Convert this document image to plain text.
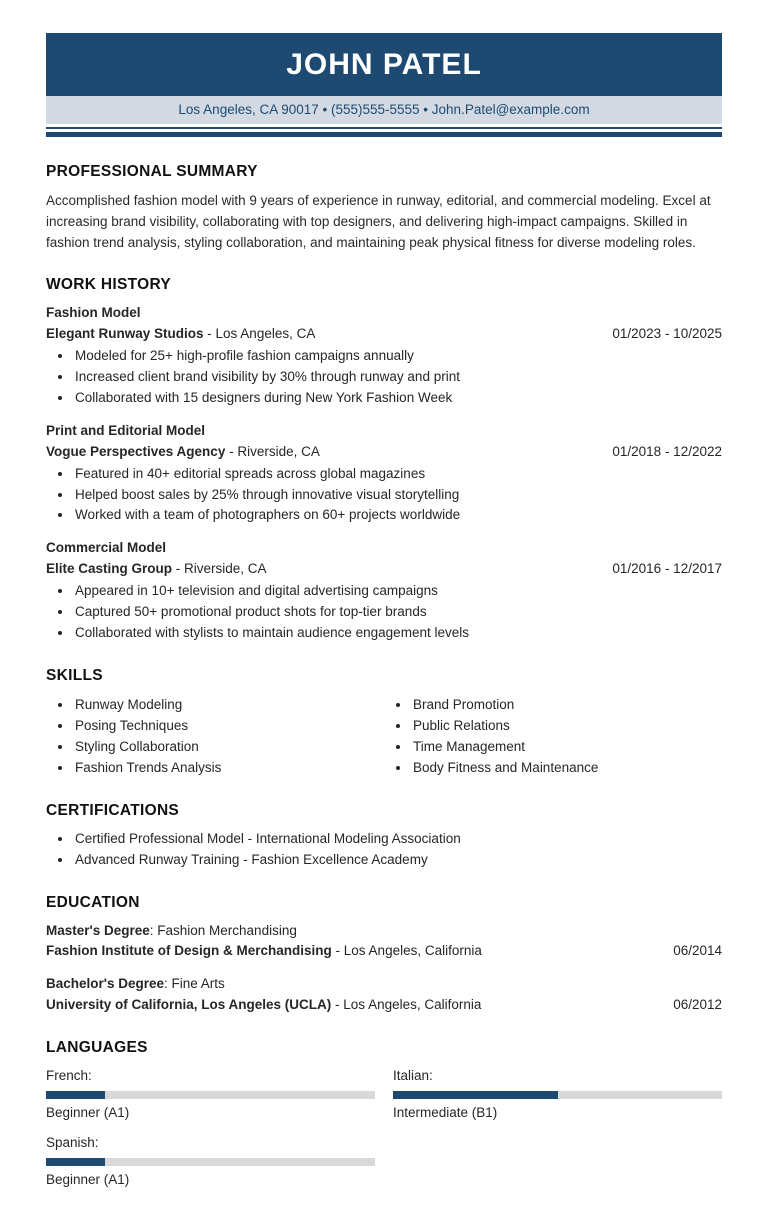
JOHN PATEL
Los Angeles, CA 90017 • (555)555-5555 • John.Patel@example.com
PROFESSIONAL SUMMARY

Accomplished fashion model with 9 years of experience in runway, editorial, and commercial modeling. Excel at increasing brand visibility, collaborating with top designers, and delivering high-impact campaigns. Skilled in fashion trend analysis, styling collaboration, and maintaining peak physical fitness for diverse modeling roles.

WORK HISTORY
Fashion Model
Elegant Runway Studios - Los Angeles, CA	01/2023 - 10/2025
• Modeled for 25+ high-profile fashion campaigns annually
• Increased client brand visibility by 30% through runway and print
• Collaborated with 15 designers during New York Fashion Week
Print and Editorial Model
Vogue Perspectives Agency - Riverside, CA	01/2018 - 12/2022
• Featured in 40+ editorial spreads across global magazines
• Helped boost sales by 25% through innovative visual storytelling
• Worked with a team of photographers on 60+ projects worldwide
Commercial Model
Elite Casting Group - Riverside, CA	01/2016 - 12/2017
• Appeared in 10+ television and digital advertising campaigns
• Captured 50+ promotional product shots for top-tier brands
• Collaborated with stylists to maintain audience engagement levels
SKILLS
• Runway Modeling
• Posing Techniques
• Styling Collaboration
• Fashion Trends Analysis
• Brand Promotion
• Public Relations
• Time Management
• Body Fitness and Maintenance
CERTIFICATIONS
• Certified Professional Model - International Modeling Association
• Advanced Runway Training - Fashion Excellence Academy
EDUCATION
Master's Degree: Fashion Merchandising
Fashion Institute of Design & Merchandising - Los Angeles, California	06/2014
Bachelor's Degree: Fine Arts
University of California, Los Angeles (UCLA) - Los Angeles, California	06/2012
LANGUAGES
French:
Beginner (A1)
Italian:
Intermediate (B1)
Spanish:
Beginner (A1)
